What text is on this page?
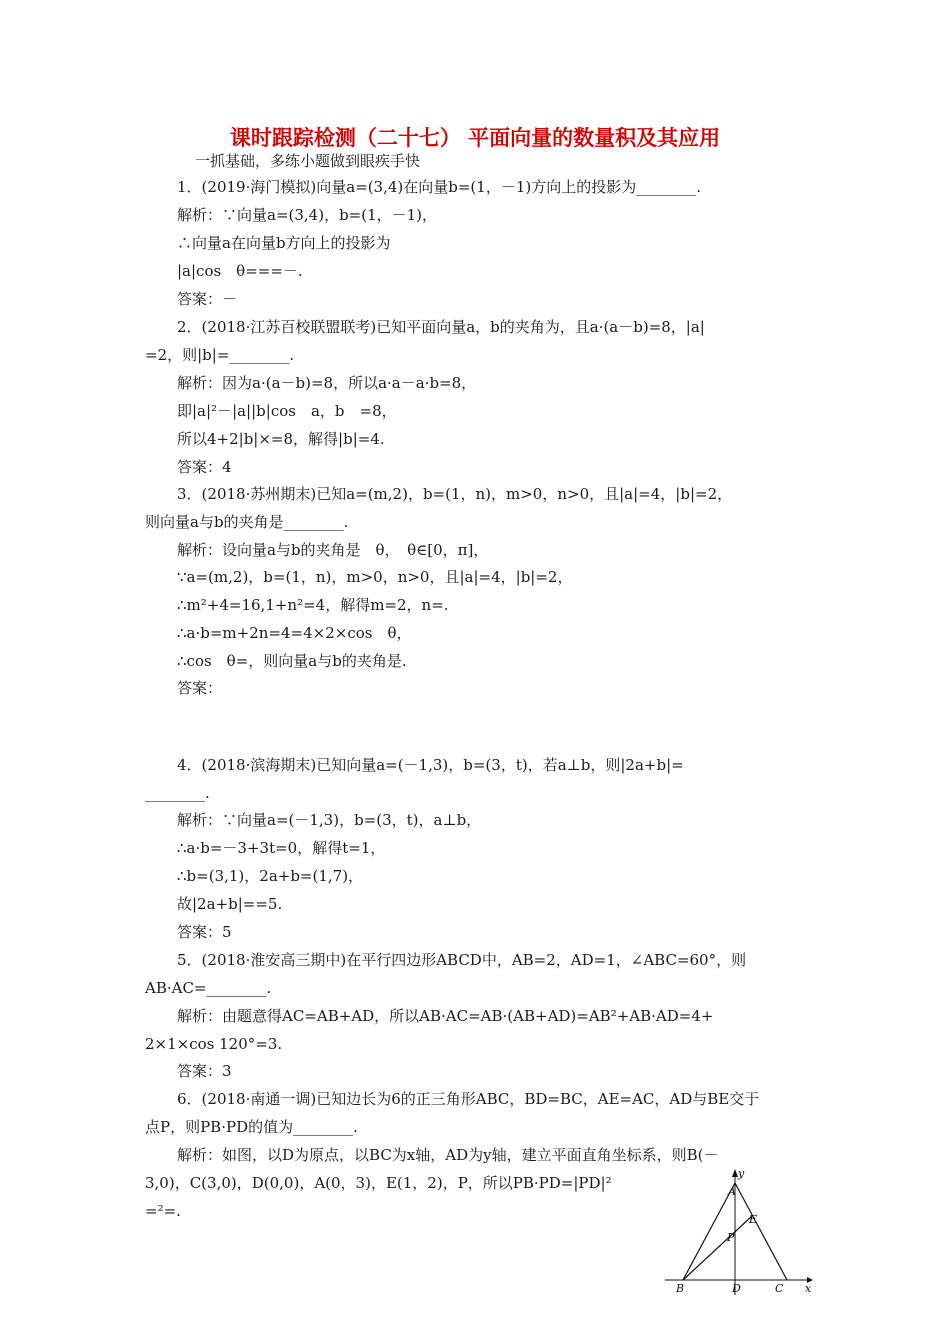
课时跟踪检测（二十七） 平面向量的数量积及其应用
一抓基础，多练小题做到眼疾手快
1．(2019·海门模拟)向量a=(3,4)在向量b=(1，－1)方向上的投影为________.
解析：∵向量a=(3,4)，b=(1，－1)，
∴向量a在向量b方向上的投影为
|a|cos　θ===－.
答案：－
2．(2018·江苏百校联盟联考)已知平面向量a，b的夹角为，且a·(a－b)=8，|a|
=2，则|b|=________.
解析：因为a·(a－b)=8，所以a·a－a·b=8，
即|a|²－|a||b|cos　a，b　=8，
所以4+2|b|×=8，解得|b|=4.
答案：4
3．(2018·苏州期末)已知a=(m,2)，b=(1，n)，m>0，n>0，且|a|=4，|b|=2，
则向量a与b的夹角是________.
解析：设向量a与b的夹角是　θ，　θ∈[0，π]，
∵a=(m,2)，b=(1，n)，m>0，n>0，且|a|=4，|b|=2，
∴m²+4=16,1+n²=4，解得m=2，n=.
∴a·b=m+2n=4=4×2×cos　θ，
∴cos　θ=，则向量a与b的夹角是.
答案：
4．(2018·滨海期末)已知向量a=(－1,3)，b=(3，t)，若a⊥b，则|2a+b|=
________.
解析：∵向量a=(－1,3)，b=(3，t)，a⊥b，
∴a·b=－3+3t=0，解得t=1，
∴b=(3,1)，2a+b=(1,7)，
故|2a+b|==5.
答案：5
5．(2018·淮安高三期中)在平行四边形ABCD中，AB=2，AD=1，∠ABC=60°，则
AB·AC=________.
解析：由题意得AC=AB+AD，所以AB·AC=AB·(AB+AD)=AB²+AB·AD=4+
2×1×cos 120°=3.
答案：3
6．(2018·南通一调)已知边长为6的正三角形ABC，BD=BC，AE=AC，AD与BE交于
点P，则PB·PD的值为________.
解析：如图，以D为原点，以BC为x轴，AD为y轴，建立平面直角坐标系，则B(－
3,0)，C(3,0)，D(0,0)，A(0，3)，E(1，2)，P，所以PB·PD=|PD|²
=²=.
y
x
A
E
P
B	D	C
